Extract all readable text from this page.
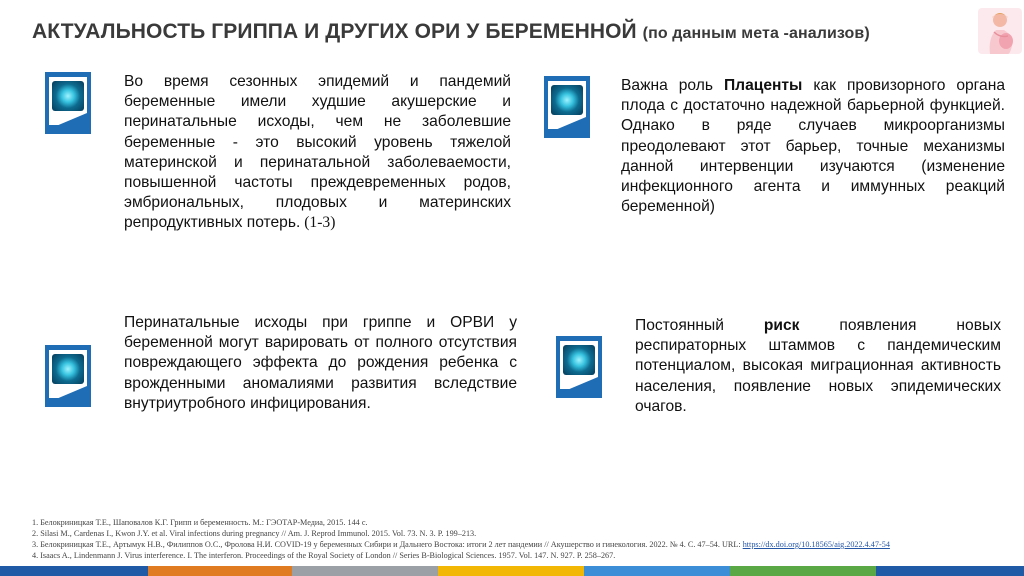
АКТУАЛЬНОСТЬ ГРИППА И ДРУГИХ ОРИ У БЕРЕМЕННОЙ (по данным мета -анализов)
Во время сезонных эпидемий и пандемий беременные имели худшие акушерские и перинатальные исходы, чем не заболевшие беременные - это высокий уровень тяжелой материнской и перинатальной заболеваемости, повышенной частоты преждевременных родов, эмбриональных, плодовых и материнских репродуктивных потерь. (1-3)
Важна роль Плаценты как провизорного органа плода с достаточно надежной барьерной функцией. Однако в ряде случаев микроорганизмы преодолевают этот барьер, точные механизмы данной интервенции изучаются (изменение инфекционного агента и иммунных реакций беременной)
Перинатальные исходы при гриппе и ОРВИ у беременной могут варировать от полного отсутствия повреждающего эффекта до рождения ребенка с врожденными аномалиями развития вследствие внутриутробного инфицирования.
Постоянный риск появления новых респираторных штаммов с пандемическим потенциалом, высокая миграционная активность населения, появление новых эпидемических очагов.
1. Белокриницкая Т.Е., Шаповалов К.Г. Грипп и беременность. М.: ГЭОТАР-Медиа, 2015. 144 с.
2. Silasi M., Cardenas I., Kwon J.Y. et al. Viral infections during pregnancy // Am. J. Reprod Immunol. 2015. Vol. 73. N. 3. P. 199–213.
3. Белокриницкая Т.Е., Артымук Н.В., Филиппов О.С., Фролова Н.И. COVID-19 у беременных Сибири и Дальнего Востока: итоги 2 лет пандемии // Акушерство и гинекология. 2022. № 4. С. 47–54. URL: https://dx.doi.org/10.18565/aig.2022.4.47-54
4. Isaacs A., Lindenmann J. Virus interference. I. The interferon. Proceedings of the Royal Society of London // Series B-Biological Sciences. 1957. Vol. 147. N. 927. P. 258–267.
